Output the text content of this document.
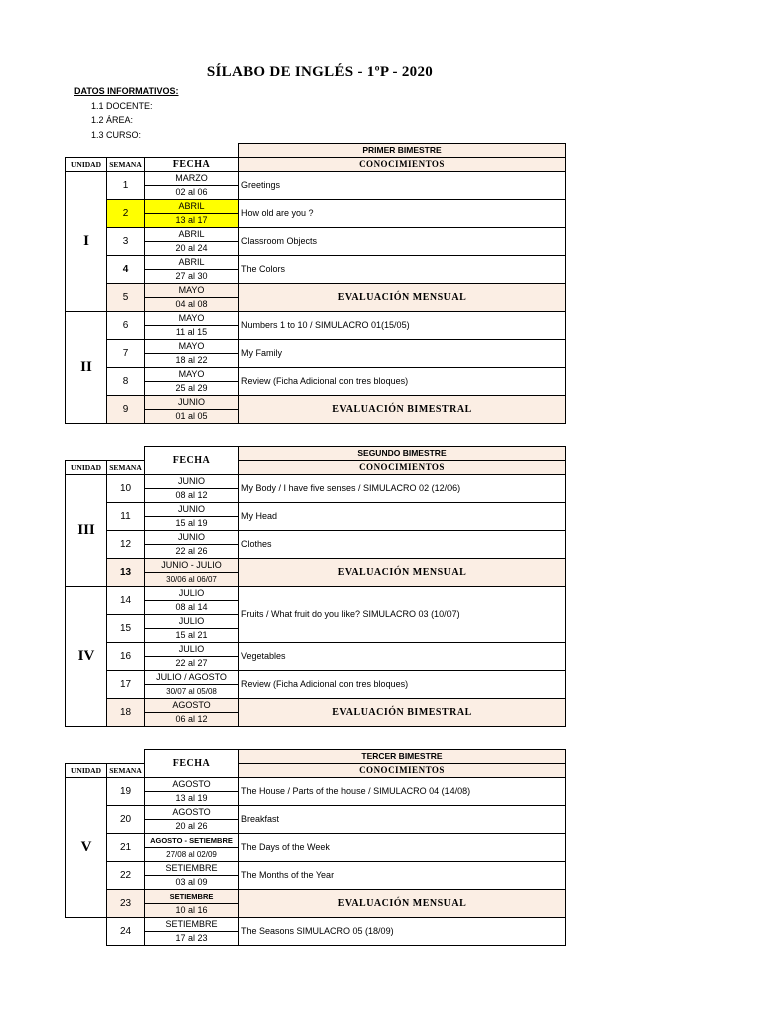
SÍLABO DE INGLÉS - 1ºP - 2020
DATOS INFORMATIVOS:
1.1 DOCENTE:
1.2 ÁREA:
1.3 CURSO:
			PRIMER BIMESTRE
UNIDAD	SEMANA	FECHA	CONOCIMIENTOS
I	1	MARZO	Greetings
		02 al 06	
	2	ABRIL	How old are you ?
		13 al 17	
	3	ABRIL	Classroom Objects
		20 al 24	
	4	ABRIL	The Colors
		27 al 30	
	5	MAYO	EVALUACIÓN MENSUAL
		04 al 08	
II	6	MAYO	Numbers 1 to 10 / SIMULACRO 01(15/05)
		11 al 15	
	7	MAYO	My Family
		18 al 22	
	8	MAYO	Review (Ficha Adicional con tres bloques)
		25 al 29	
	9	JUNIO	EVALUACIÓN BIMESTRAL
		01 al 05	
		FECHA	SEGUNDO BIMESTRE
UNIDAD	SEMANA		CONOCIMIENTOS
III	10	JUNIO	My Body / I have five senses / SIMULACRO 02 (12/06)
		08 al 12	
	11	JUNIO	My Head
		15 al 19	
	12	JUNIO	Clothes
		22 al 26	
	13	JUNIO - JULIO	EVALUACIÓN MENSUAL
		30/06 al 06/07	
IV	14	JULIO	Fruits / What fruit do you like? SIMULACRO 03 (10/07)
		08 al 14	
	15	JULIO	
		15 al 21	
	16	JULIO	Vegetables
		22 al 27	
	17	JULIO / AGOSTO	Review (Ficha Adicional con tres bloques)
		30/07 al 05/08	
	18	AGOSTO	EVALUACIÓN BIMESTRAL
		06 al 12	
		FECHA	TERCER BIMESTRE
UNIDAD	SEMANA		CONOCIMIENTOS
V	19	AGOSTO	The House / Parts of the house / SIMULACRO 04 (14/08)
		13 al 19	
	20	AGOSTO	Breakfast
		20 al 26	
	21	AGOSTO - SETIEMBRE	The Days of the Week
		27/08 al 02/09	
	22	SETIEMBRE	The Months of the Year
		03 al 09	
	23	SETIEMBRE	EVALUACIÓN MENSUAL
		10 al 16	
	24	SETIEMBRE	The Seasons SIMULACRO 05 (18/09)
		17 al 23	
